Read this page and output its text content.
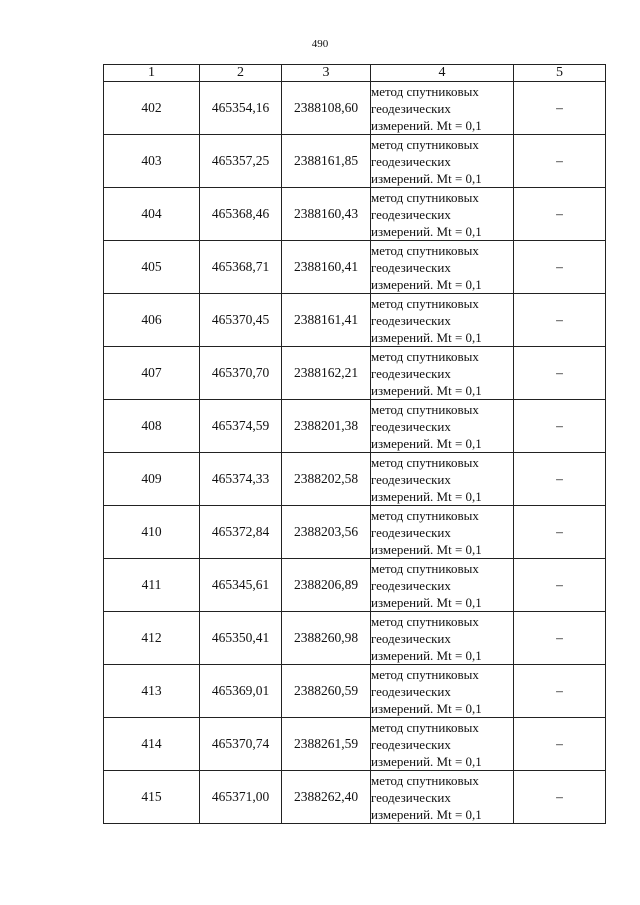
490
1	2	3	4	5
402	465354,16	2388108,60	метод спутниковых
геодезических
измерений. Mt = 0,1	–
403	465357,25	2388161,85	метод спутниковых
геодезических
измерений. Mt = 0,1	–
404	465368,46	2388160,43	метод спутниковых
геодезических
измерений. Mt = 0,1	–
405	465368,71	2388160,41	метод спутниковых
геодезических
измерений. Mt = 0,1	–
406	465370,45	2388161,41	метод спутниковых
геодезических
измерений. Mt = 0,1	–
407	465370,70	2388162,21	метод спутниковых
геодезических
измерений. Mt = 0,1	–
408	465374,59	2388201,38	метод спутниковых
геодезических
измерений. Mt = 0,1	–
409	465374,33	2388202,58	метод спутниковых
геодезических
измерений. Mt = 0,1	–
410	465372,84	2388203,56	метод спутниковых
геодезических
измерений. Mt = 0,1	–
411	465345,61	2388206,89	метод спутниковых
геодезических
измерений. Mt = 0,1	–
412	465350,41	2388260,98	метод спутниковых
геодезических
измерений. Mt = 0,1	–
413	465369,01	2388260,59	метод спутниковых
геодезических
измерений. Mt = 0,1	–
414	465370,74	2388261,59	метод спутниковых
геодезических
измерений. Mt = 0,1	–
415	465371,00	2388262,40	метод спутниковых
геодезических
измерений. Mt = 0,1	–
